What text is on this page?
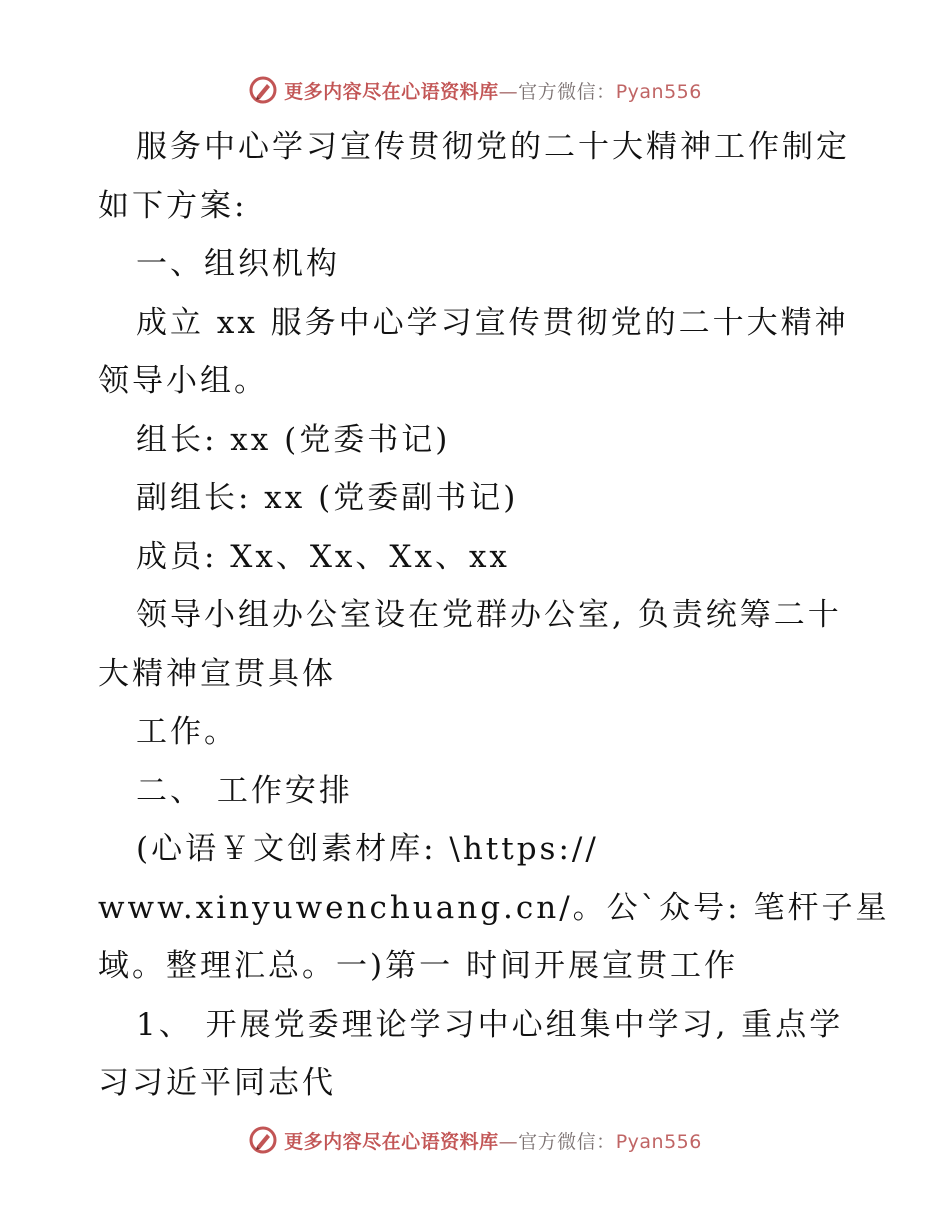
更多内容尽在心语资料库—官方微信：Pyan556
服务中心学习宣传贯彻党的二十大精神工作制定
如下方案:
一、组织机构
成立 xx 服务中心学习宣传贯彻党的二十大精神
领导小组。
组长: xx (党委书记)
副组长: xx (党委副书记)
成员: Xx、Xx、Xx、xx
领导小组办公室设在党群办公室, 负责统筹二十
大精神宣贯具体
工作。
二、 工作安排
(心语￥文创素材库: \https://
www.xinyuwenchuang.cn/。公`众号: 笔杆子星
域。整理汇总。一)第一 时间开展宣贯工作
1、 开展党委理论学习中心组集中学习, 重点学
习习近平同志代
更多内容尽在心语资料库—官方微信：Pyan556
